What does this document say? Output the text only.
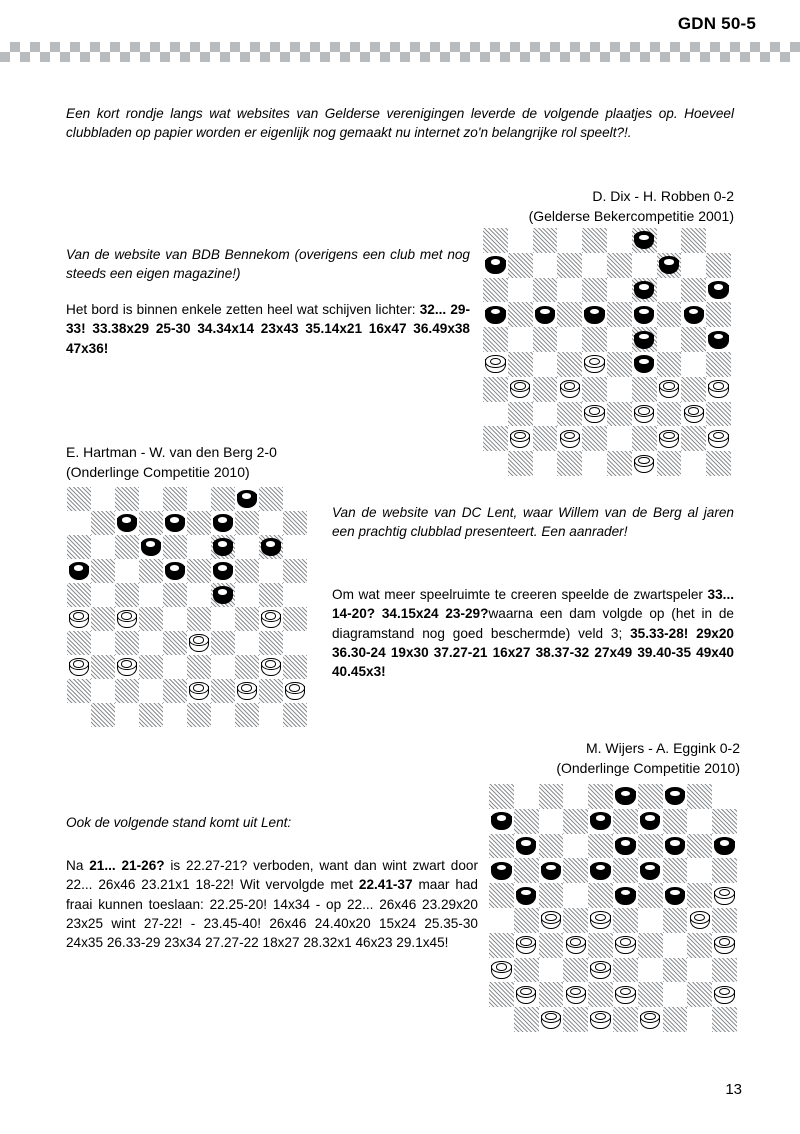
GDN 50-5
Een kort rondje langs wat websites van Gelderse verenigingen leverde de volgende plaatjes op. Hoeveel clubbladen op papier worden er eigenlijk nog gemaakt nu internet zo'n belangrijke rol speelt?!.
D. Dix - H. Robben 0-2
(Gelderse Bekercompetitie 2001)
Van de website van BDB Bennekom (overigens een club met nog steeds een eigen magazine!)
Het bord is binnen enkele zetten heel wat schijven lichter: 32... 29-33! 33.38x29 25-30 34.34x14 23x43 35.14x21 16x47 36.49x38 47x36!
E. Hartman - W. van den Berg 2-0
(Onderlinge Competitie 2010)
Van de website van DC Lent, waar Willem van de Berg al jaren een prachtig clubblad presenteert. Een aanrader!
Om wat meer speelruimte te creeren speelde de zwartspeler 33... 14-20? 34.15x24 23-29?waarna een dam volgde op (het in de diagramstand nog goed beschermde) veld 3; 35.33-28! 29x20 36.30-24 19x30 37.27-21 16x27 38.37-32 27x49 39.40-35 49x40 40.45x3!
M. Wijers - A. Eggink 0-2
(Onderlinge Competitie 2010)
Ook de volgende stand komt uit Lent:
Na 21... 21-26? is 22.27-21? verboden, want dan wint zwart door 22... 26x46 23.21x1 18-22! Wit vervolgde met 22.41-37 maar had fraai kunnen toeslaan: 22.25-20! 14x34 - op 22... 26x46 23.29x20 23x25 wint 27-22! - 23.45-40! 26x46 24.40x20 15x24 25.35-30 24x35 26.33-29 23x34 27.27-22 18x27 28.32x1 46x23 29.1x45!
13
